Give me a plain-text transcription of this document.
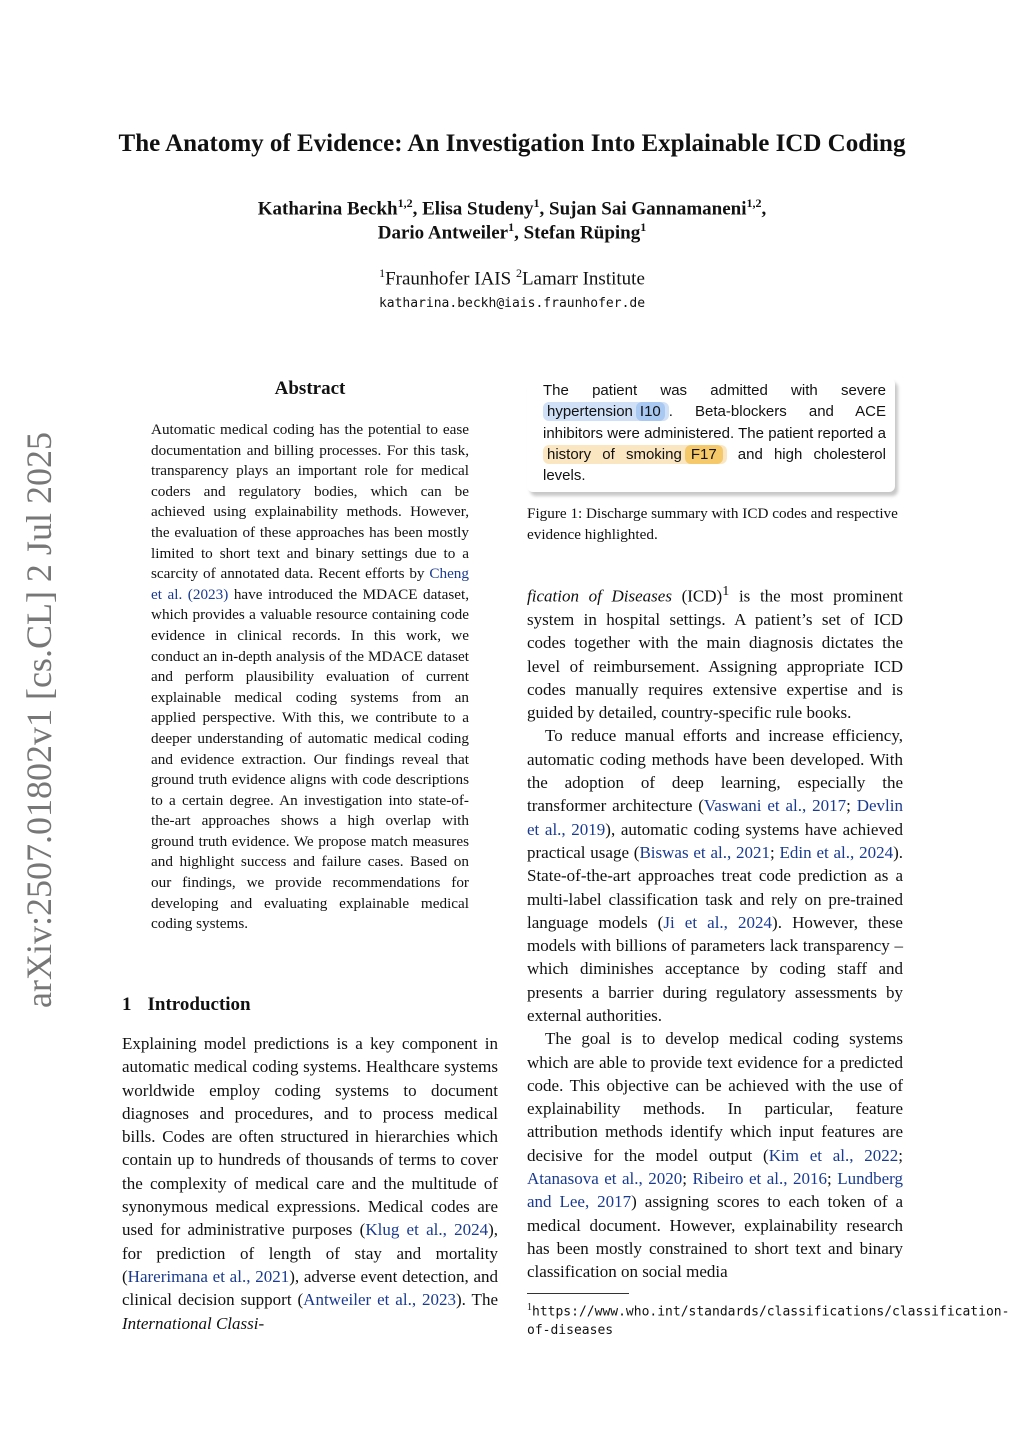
The Anatomy of Evidence: An Investigation Into Explainable ICD Coding
Katharina Beckh$^{1,2}$, Elisa Studeny$^1$, Sujan Sai Gannamaneni$^{1,2}$,
Dario Antweiler$^1$, Stefan Rüping$^1$
$^1$Fraunhofer IAIS $^2$Lamarr Institute
katharina.beckh@iais.fraunhofer.de
arXiv:2507.01802v1 [cs.CL] 2 Jul 2025
Abstract
Automatic medical coding has the potential to ease documentation and billing processes. For this task, transparency plays an important role for medical coders and regulatory bodies, which can be achieved using explainability methods. However, the evaluation of these approaches has been mostly limited to short text and binary settings due to a scarcity of annotated data. Recent efforts by Cheng et al. (2023) have introduced the MDACE dataset, which provides a valuable resource containing code evidence in clinical records. In this work, we conduct an in-depth analysis of the MDACE dataset and perform plausibility evaluation of current explainable medical coding systems from an applied perspective. With this, we contribute to a deeper understanding of automatic medical coding and evidence extraction. Our findings reveal that ground truth evidence aligns with code descriptions to a certain degree. An investigation into state-of-the-art approaches shows a high overlap with ground truth evidence. We propose match measures and highlight success and failure cases. Based on our findings, we provide recommendations for developing and evaluating explainable medical coding systems.
1 Introduction
Explaining model predictions is a key component in automatic medical coding systems. Healthcare systems worldwide employ coding systems to document diagnoses and procedures, and to process medical bills. Codes are often structured in hierarchies which contain up to hundreds of thousands of terms to cover the complexity of medical care and the multitude of synonymous medical expressions. Medical codes are used for administrative purposes (Klug et al., 2024), for prediction of length of stay and mortality (Harerimana et al., 2021), adverse event detection, and clinical decision support (Antweiler et al., 2023). The International Classi-
The patient was admitted with severe hypertension I10 . Beta-blockers and ACE inhibitors were administered. The patient reported a history of smoking F17 and high cholesterol levels.
Figure 1: Discharge summary with ICD codes and respective evidence highlighted.

fication of Diseases (ICD)$^1$ is the most prominent system in hospital settings. A patient’s set of ICD codes together with the main diagnosis dictates the level of reimbursement. Assigning appropriate ICD codes manually requires extensive expertise and is guided by detailed, country-specific rule books.

To reduce manual efforts and increase efficiency, automatic coding methods have been developed. With the adoption of deep learning, especially the transformer architecture (Vaswani et al., 2017; Devlin et al., 2019), automatic coding systems have achieved practical usage (Biswas et al., 2021; Edin et al., 2024). State-of-the-art approaches treat code prediction as a multi-label classification task and rely on pre-trained language models (Ji et al., 2024). However, these models with billions of parameters lack transparency – which diminishes acceptance by coding staff and presents a barrier during regulatory assessments by external authorities.

The goal is to develop medical coding systems which are able to provide text evidence for a predicted code. This objective can be achieved with the use of explainability methods. In particular, feature attribution methods identify which input features are decisive for the model output (Kim et al., 2022; Atanasova et al., 2020; Ribeiro et al., 2016; Lundberg and Lee, 2017) assigning scores to each token of a medical document. However, explainability research has been mostly constrained to short text and binary classification on social media

$^1$https://www.who.int/standards/classifications/classification-of-diseases
